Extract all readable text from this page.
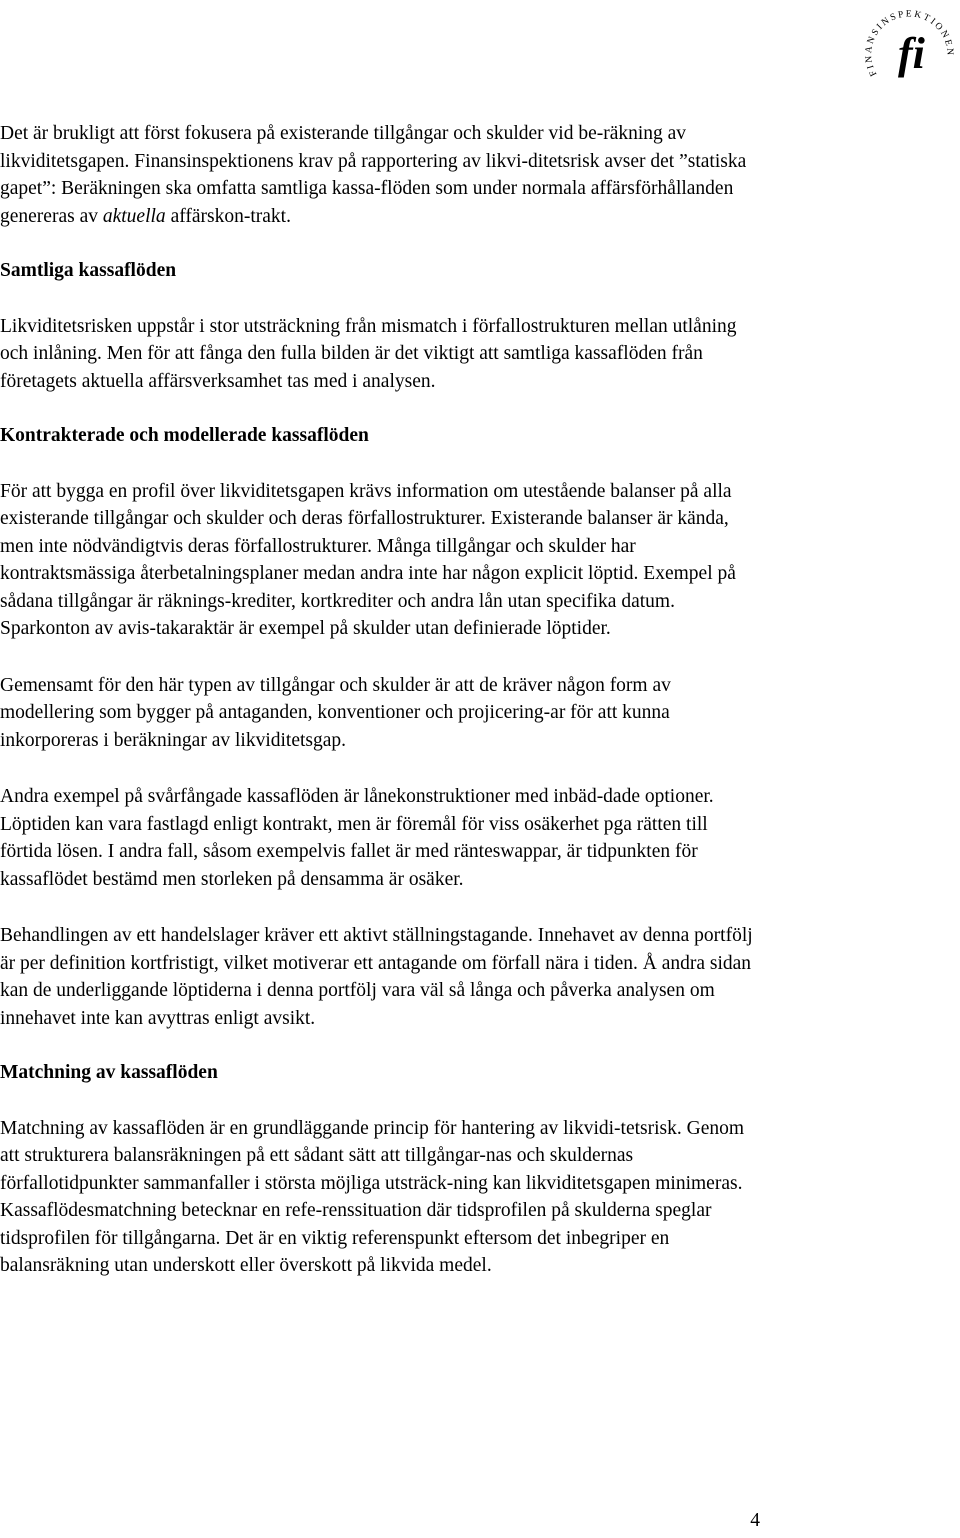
FINANSINSPEKTIONEN
fi

Det är brukligt att först fokusera på existerande tillgångar och skulder vid be-räkning av likviditetsgapen. Finansinspektionens krav på rapportering av likvi-ditetsrisk avser det ”statiska gapet”: Beräkningen ska omfatta samtliga kassa-flöden som under normala affärsförhållanden genereras av aktuella affärskon-trakt.

Samtliga kassaflöden

Likviditetsrisken uppstår i stor utsträckning från mismatch i förfallostrukturen mellan utlåning och inlåning. Men för att fånga den fulla bilden är det viktigt att samtliga kassaflöden från företagets aktuella affärsverksamhet tas med i analysen.

Kontrakterade och modellerade kassaflöden

För att bygga en profil över likviditetsgapen krävs information om utestående balanser på alla existerande tillgångar och skulder och deras förfallostrukturer. Existerande balanser är kända, men inte nödvändigtvis deras förfallostrukturer. Många tillgångar och skulder har kontraktsmässiga återbetalningsplaner medan andra inte har någon explicit löptid. Exempel på sådana tillgångar är räknings-krediter, kortkrediter och andra lån utan specifika datum. Sparkonton av avis-takaraktär är exempel på skulder utan definierade löptider.

Gemensamt för den här typen av tillgångar och skulder är att de kräver någon form av modellering som bygger på antaganden, konventioner och projicering-ar för att kunna inkorporeras i beräkningar av likviditetsgap.

Andra exempel på svårfångade kassaflöden är lånekonstruktioner med inbäd-dade optioner. Löptiden kan vara fastlagd enligt kontrakt, men är föremål för viss osäkerhet pga rätten till förtida lösen. I andra fall, såsom exempelvis fallet är med ränteswappar, är tidpunkten för kassaflödet bestämd men storleken på densamma är osäker.

Behandlingen av ett handelslager kräver ett aktivt ställningstagande. Innehavet av denna portfölj är per definition kortfristigt, vilket motiverar ett antagande om förfall nära i tiden. Å andra sidan kan de underliggande löptiderna i denna portfölj vara väl så långa och påverka analysen om innehavet inte kan avyttras enligt avsikt.

Matchning av kassaflöden

Matchning av kassaflöden är en grundläggande princip för hantering av likvidi-tetsrisk. Genom att strukturera balansräkningen på ett sådant sätt att tillgångar-nas och skuldernas förfallotidpunkter sammanfaller i största möjliga utsträck-ning kan likviditetsgapen minimeras. Kassaflödesmatchning betecknar en refe-renssituation där tidsprofilen på skulderna speglar tidsprofilen för tillgångarna. Det är en viktig referenspunkt eftersom det inbegriper en balansräkning utan underskott eller överskott på likvida medel.

4
